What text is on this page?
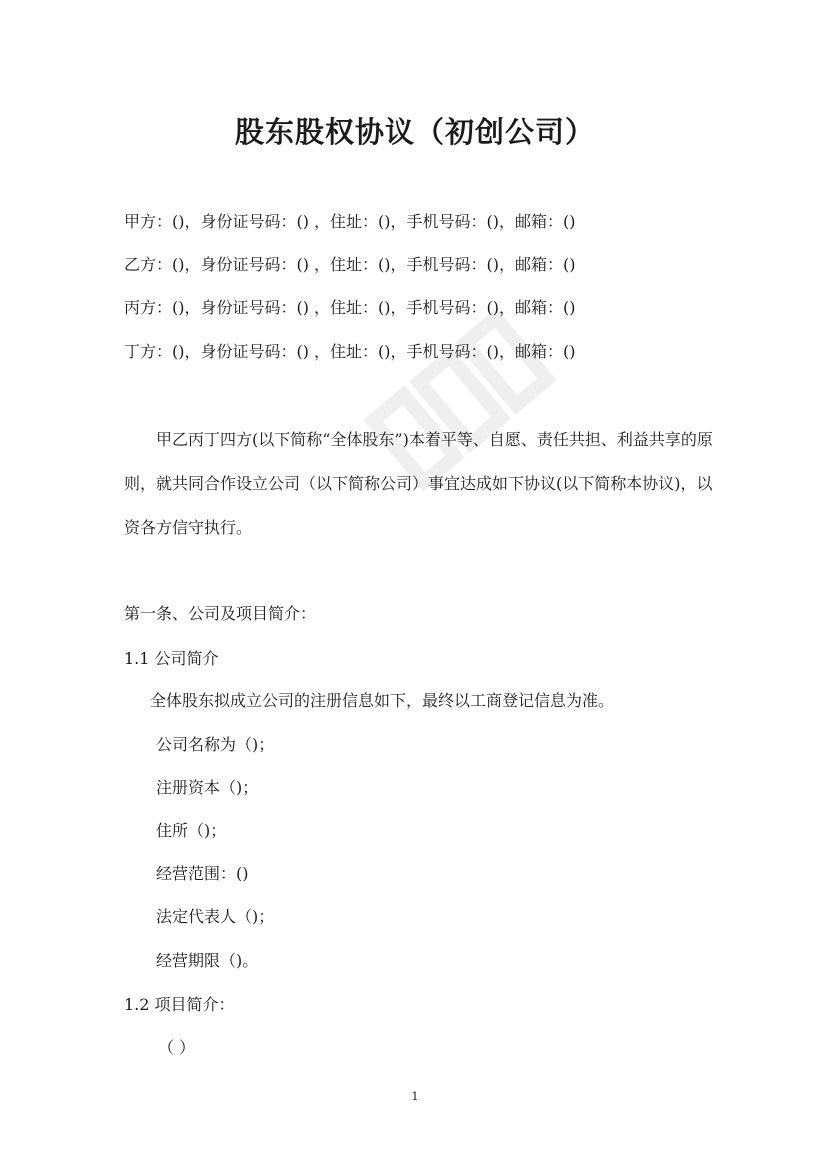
股东股权协议（初创公司）
甲方：()，身份证号码：() ，住址：()，手机号码：()，邮箱：()
乙方：()，身份证号码：() ，住址：()，手机号码：()，邮箱：()
丙方：()，身份证号码：() ，住址：()，手机号码：()，邮箱：()
丁方：()，身份证号码：() ，住址：()，手机号码：()，邮箱：()
甲乙丙丁四方(以下简称“全体股东”)本着平等、自愿、责任共担、利益共享的原则，就共同合作设立公司（以下简称公司）事宜达成如下协议(以下简称本协议)，以资各方信守执行。
第一条、公司及项目简介：
1.1 公司简介
全体股东拟成立公司的注册信息如下，最终以工商登记信息为准。
公司名称为（)；
注册资本（)；
住所（)；
经营范围：()
法定代表人（)；
经营期限（)。
1.2 项目简介：
（ ）
1
